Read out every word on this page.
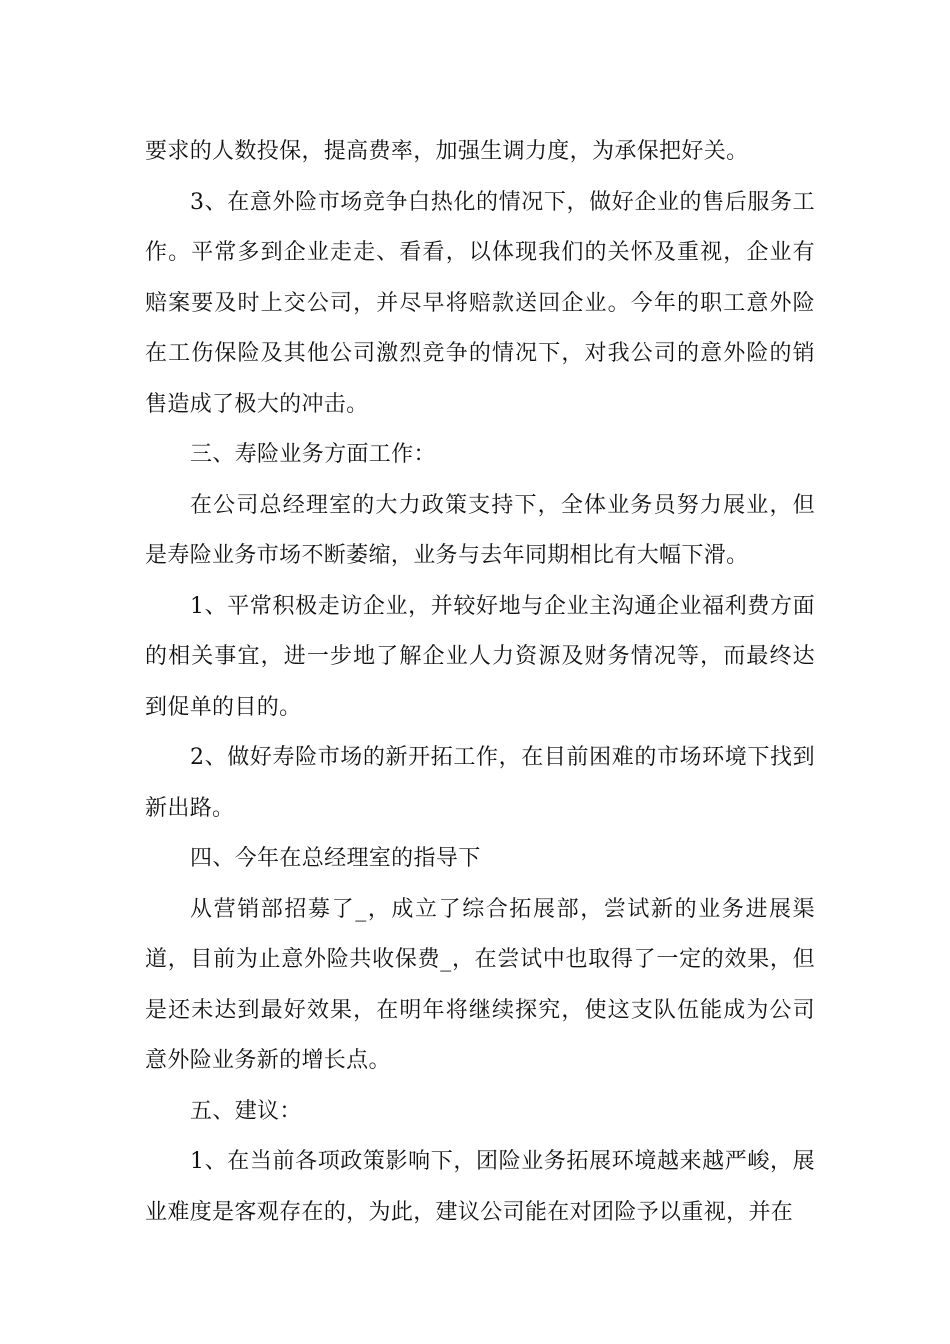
要求的人数投保，提高费率，加强生调力度，为承保把好关。

3、在意外险市场竞争白热化的情况下，做好企业的售后服务工作。平常多到企业走走、看看，以体现我们的关怀及重视，企业有赔案要及时上交公司，并尽早将赔款送回企业。今年的职工意外险在工伤保险及其他公司激烈竞争的情况下，对我公司的意外险的销售造成了极大的冲击。

三、寿险业务方面工作：

在公司总经理室的大力政策支持下，全体业务员努力展业，但是寿险业务市场不断萎缩，业务与去年同期相比有大幅下滑。

1、平常积极走访企业，并较好地与企业主沟通企业福利费方面的相关事宜，进一步地了解企业人力资源及财务情况等，而最终达到促单的目的。

2、做好寿险市场的新开拓工作，在目前困难的市场环境下找到新出路。

四、今年在总经理室的指导下

从营销部招募了_，成立了综合拓展部，尝试新的业务进展渠道，目前为止意外险共收保费_，在尝试中也取得了一定的效果，但是还未达到最好效果，在明年将继续探究，使这支队伍能成为公司意外险业务新的增长点。

五、建议：

1、在当前各项政策影响下，团险业务拓展环境越来越严峻，展业难度是客观存在的，为此，建议公司能在对团险予以重视，并在
